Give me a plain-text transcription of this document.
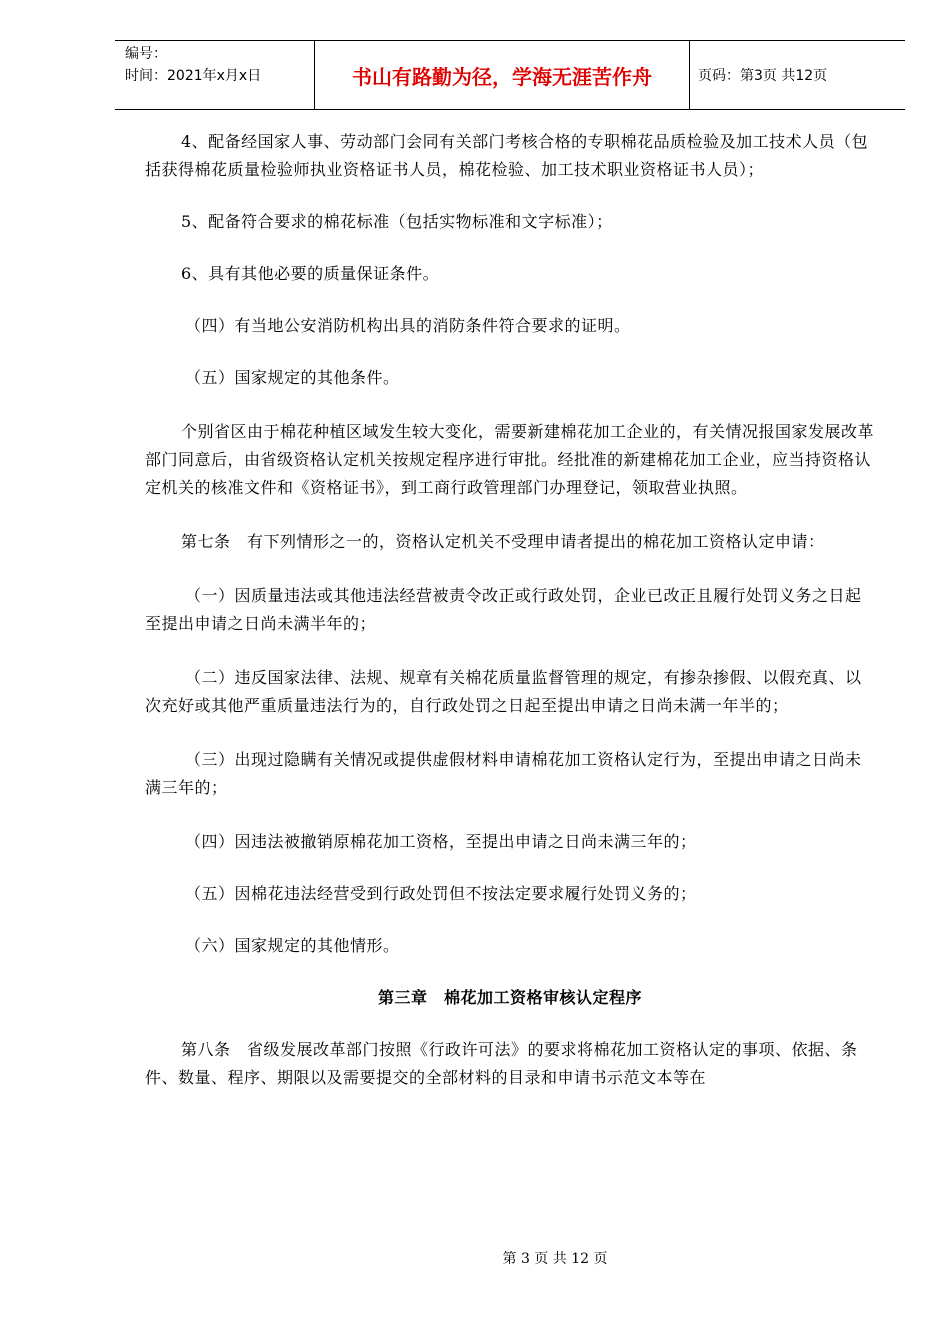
编号：
时间：2021年x月x日	书山有路勤为径，学海无涯苦作舟	页码：第3页 共12页

4、配备经国家人事、劳动部门会同有关部门考核合格的专职棉花品质检验及加工技术人员（包括获得棉花质量检验师执业资格证书人员，棉花检验、加工技术职业资格证书人员）；

5、配备符合要求的棉花标准（包括实物标准和文字标准）；

6、具有其他必要的质量保证条件。

（四）有当地公安消防机构出具的消防条件符合要求的证明。

（五）国家规定的其他条件。

个别省区由于棉花种植区域发生较大变化，需要新建棉花加工企业的，有关情况报国家发展改革部门同意后，由省级资格认定机关按规定程序进行审批。经批准的新建棉花加工企业，应当持资格认定机关的核准文件和《资格证书》，到工商行政管理部门办理登记，领取营业执照。

第七条　有下列情形之一的，资格认定机关不受理申请者提出的棉花加工资格认定申请：

（一）因质量违法或其他违法经营被责令改正或行政处罚，企业已改正且履行处罚义务之日起至提出申请之日尚未满半年的；

（二）违反国家法律、法规、规章有关棉花质量监督管理的规定，有掺杂掺假、以假充真、以次充好或其他严重质量违法行为的，自行政处罚之日起至提出申请之日尚未满一年半的；

（三）出现过隐瞒有关情况或提供虚假材料申请棉花加工资格认定行为，至提出申请之日尚未满三年的；

（四）因违法被撤销原棉花加工资格，至提出申请之日尚未满三年的；

（五）因棉花违法经营受到行政处罚但不按法定要求履行处罚义务的；

（六）国家规定的其他情形。

第三章　棉花加工资格审核认定程序

第八条　省级发展改革部门按照《行政许可法》的要求将棉花加工资格认定的事项、依据、条件、数量、程序、期限以及需要提交的全部材料的目录和申请书示范文本等在

第 3 页 共 12 页
